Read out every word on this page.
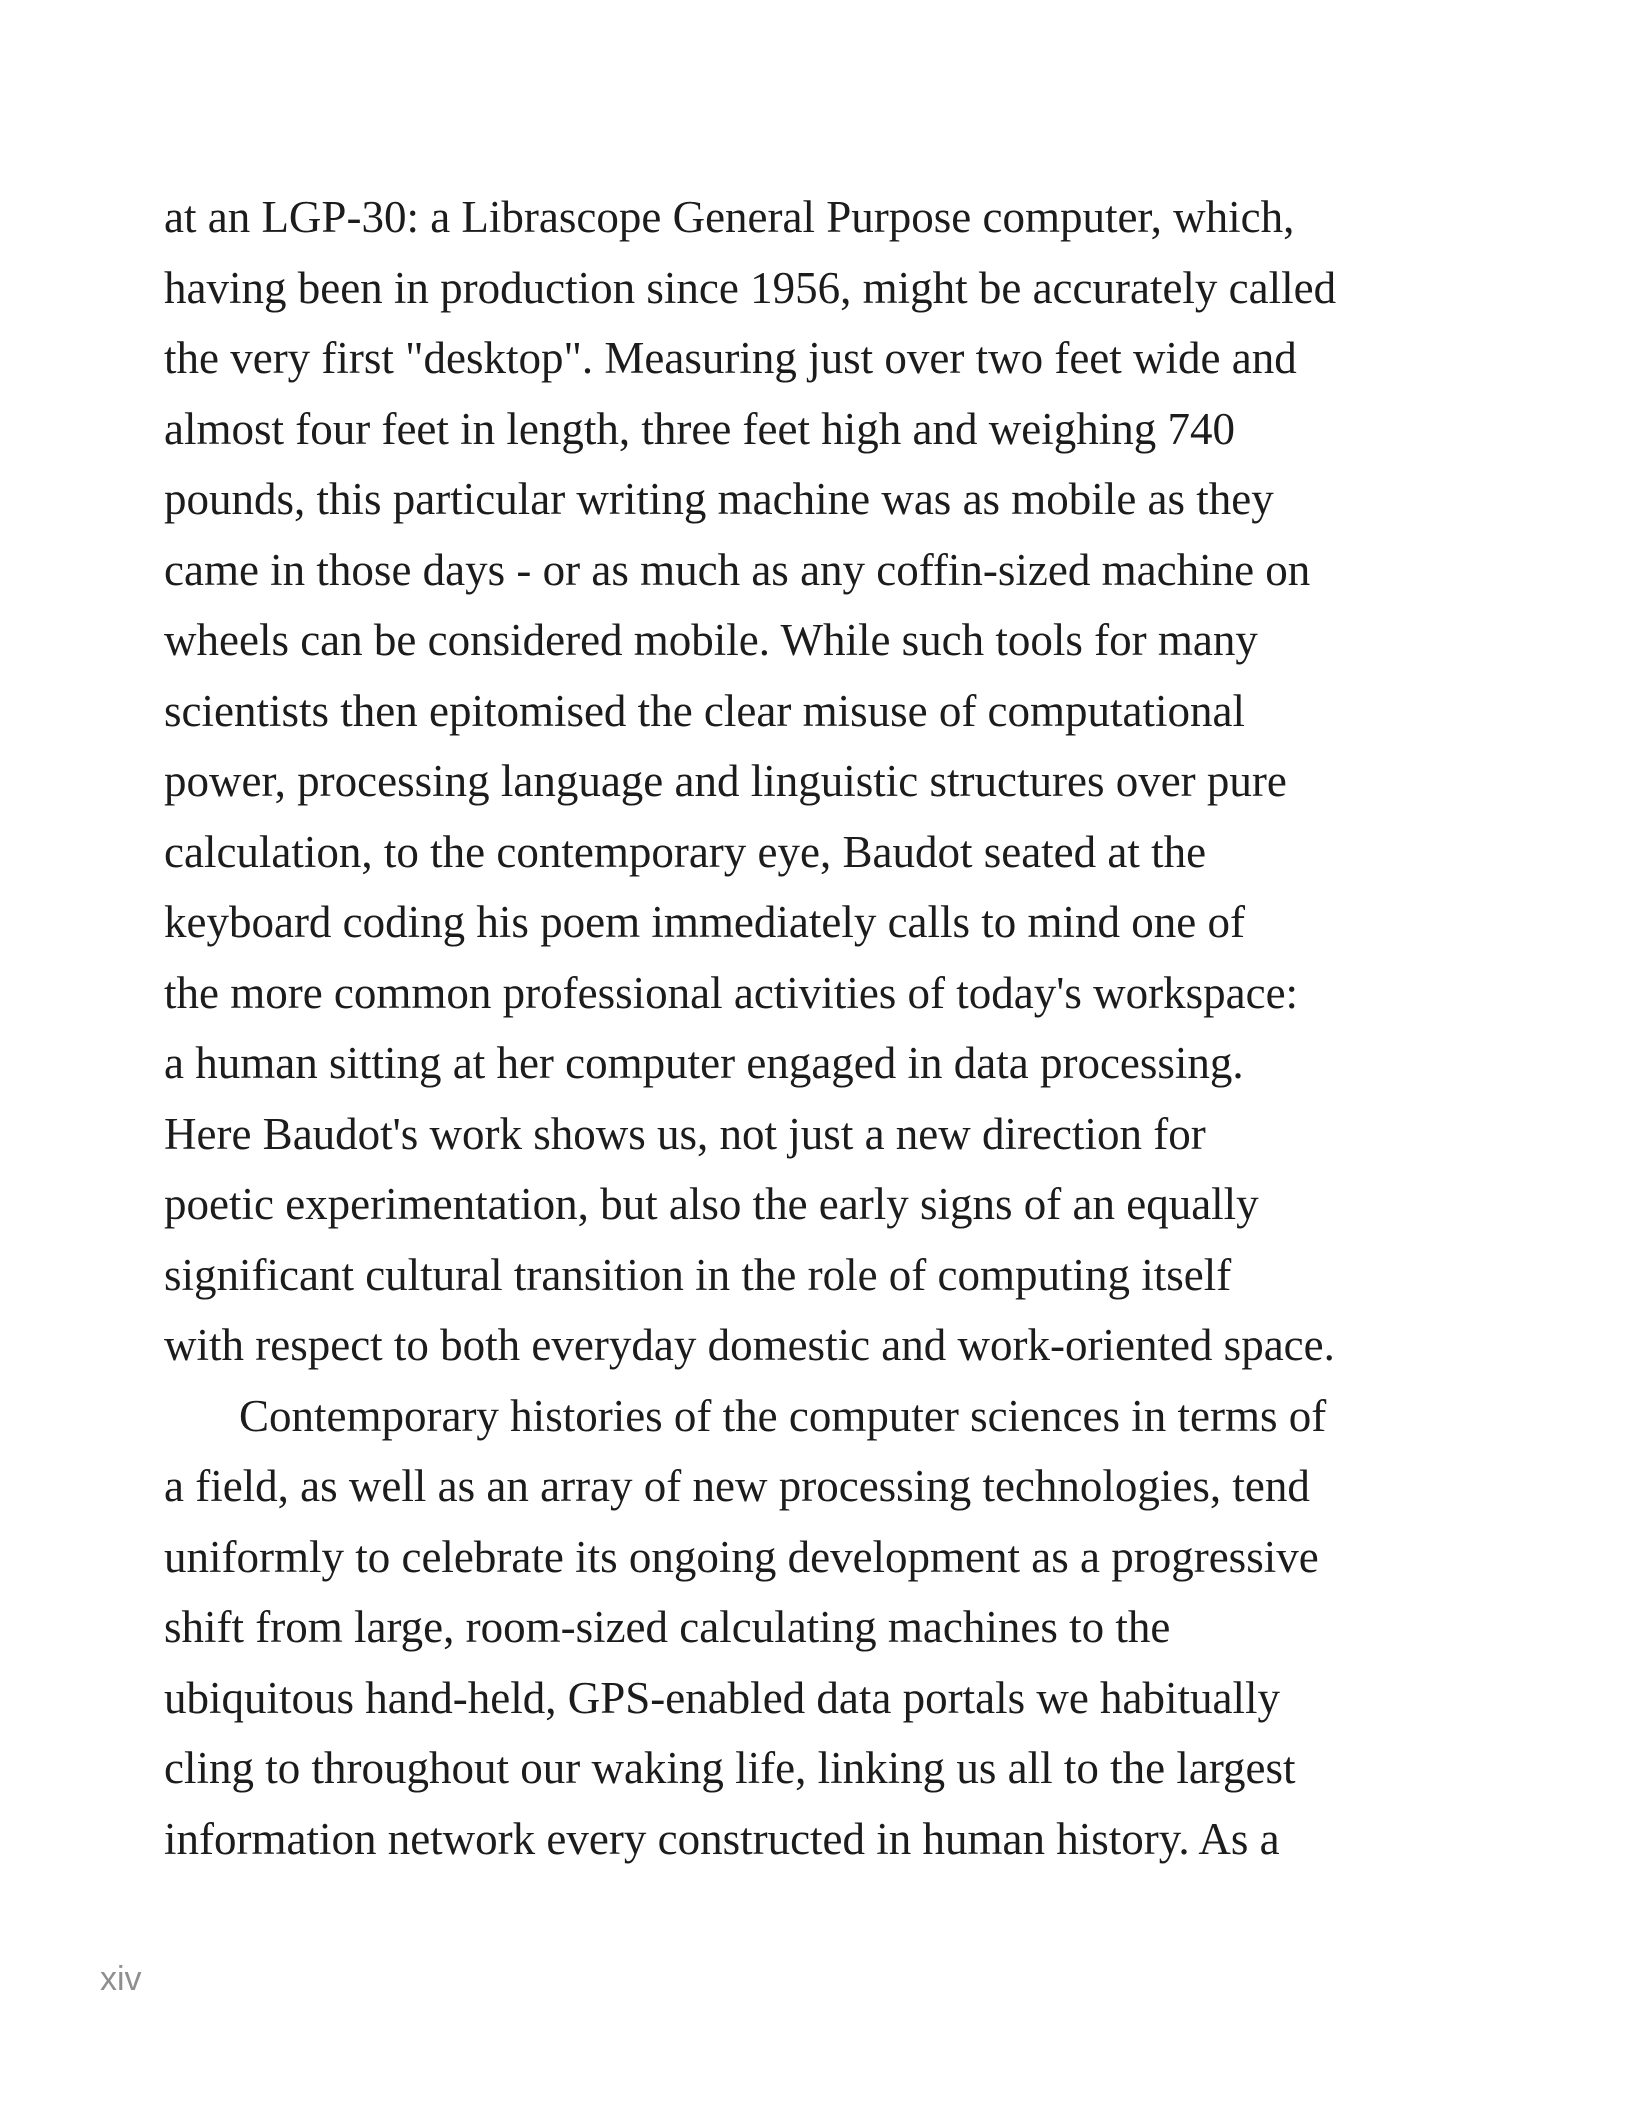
at an LGP-30: a Librascope General Purpose computer, which,
having been in production since 1956, might be accurately called
the very first "desktop". Measuring just over two feet wide and
almost four feet in length, three feet high and weighing 740
pounds, this particular writing machine was as mobile as they
came in those days - or as much as any coffin-sized machine on
wheels can be considered mobile. While such tools for many
scientists then epitomised the clear misuse of computational
power, processing language and linguistic structures over pure
calculation, to the contemporary eye, Baudot seated at the
keyboard coding his poem immediately calls to mind one of
the more common professional activities of today's workspace:
a human sitting at her computer engaged in data processing.
Here Baudot's work shows us, not just a new direction for
poetic experimentation, but also the early signs of an equally
significant cultural transition in the role of computing itself
with respect to both everyday domestic and work-oriented space.
Contemporary histories of the computer sciences in terms of
a field, as well as an array of new processing technologies, tend
uniformly to celebrate its ongoing development as a progressive
shift from large, room-sized calculating machines to the
ubiquitous hand-held, GPS-enabled data portals we habitually
cling to throughout our waking life, linking us all to the largest
information network every constructed in human history. As a
xiv
